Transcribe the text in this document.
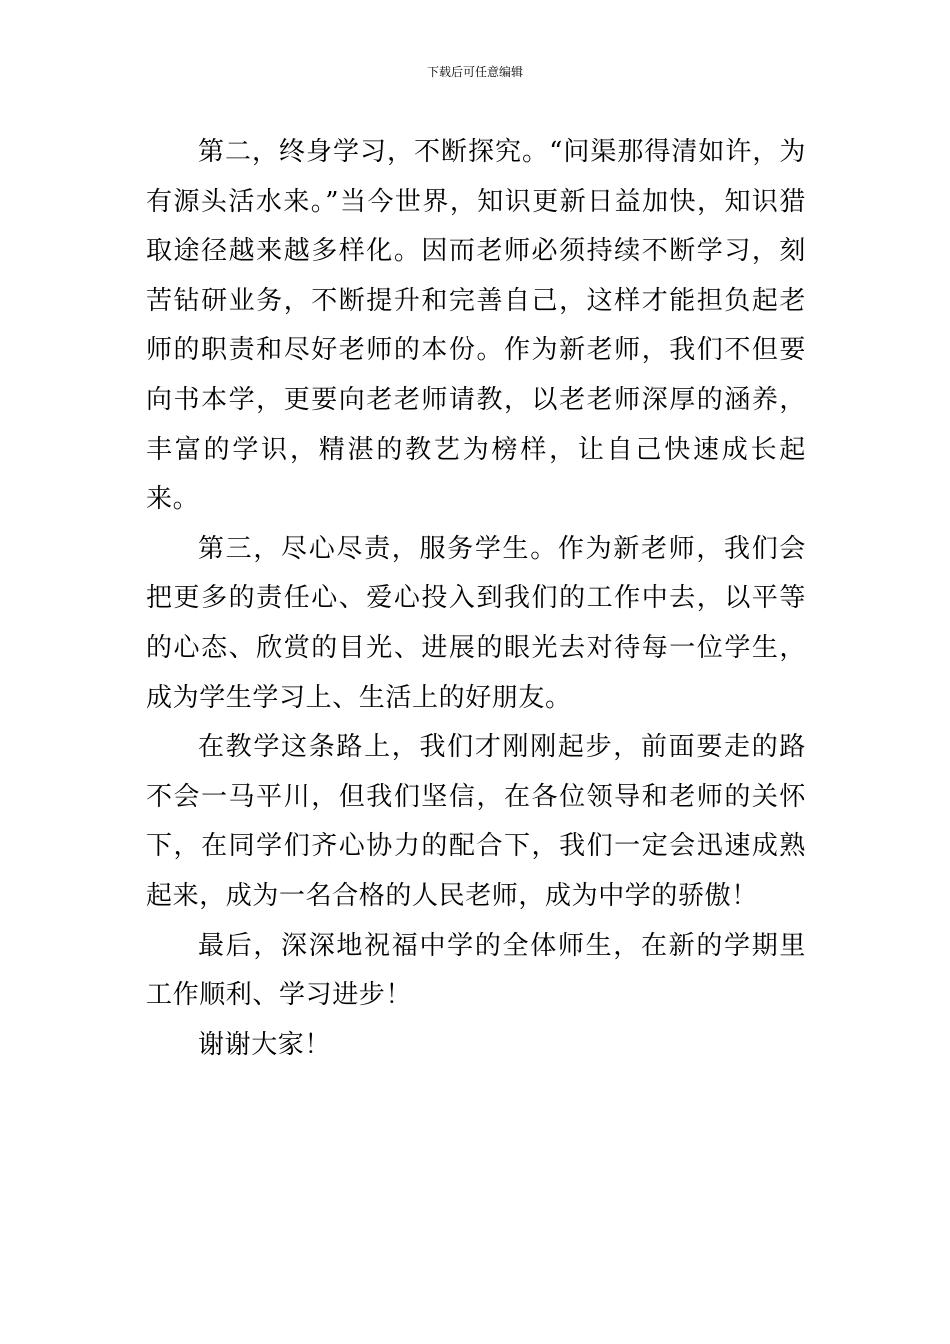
下载后可任意编辑

第二，终身学习，不断探究。“问渠那得清如许，为有源头活水来。”当今世界，知识更新日益加快，知识猎取途径越来越多样化。因而老师必须持续不断学习，刻苦钻研业务，不断提升和完善自己，这样才能担负起老师的职责和尽好老师的本份。作为新老师，我们不但要向书本学，更要向老老师请教，以老老师深厚的涵养，丰富的学识，精湛的教艺为榜样，让自己快速成长起来。

第三，尽心尽责，服务学生。作为新老师，我们会把更多的责任心、爱心投入到我们的工作中去，以平等的心态、欣赏的目光、进展的眼光去对待每一位学生，成为学生学习上、生活上的好朋友。

在教学这条路上，我们才刚刚起步，前面要走的路不会一马平川，但我们坚信，在各位领导和老师的关怀下，在同学们齐心协力的配合下，我们一定会迅速成熟起来，成为一名合格的人民老师，成为中学的骄傲！

最后，深深地祝福中学的全体师生，在新的学期里工作顺利、学习进步！

谢谢大家！
